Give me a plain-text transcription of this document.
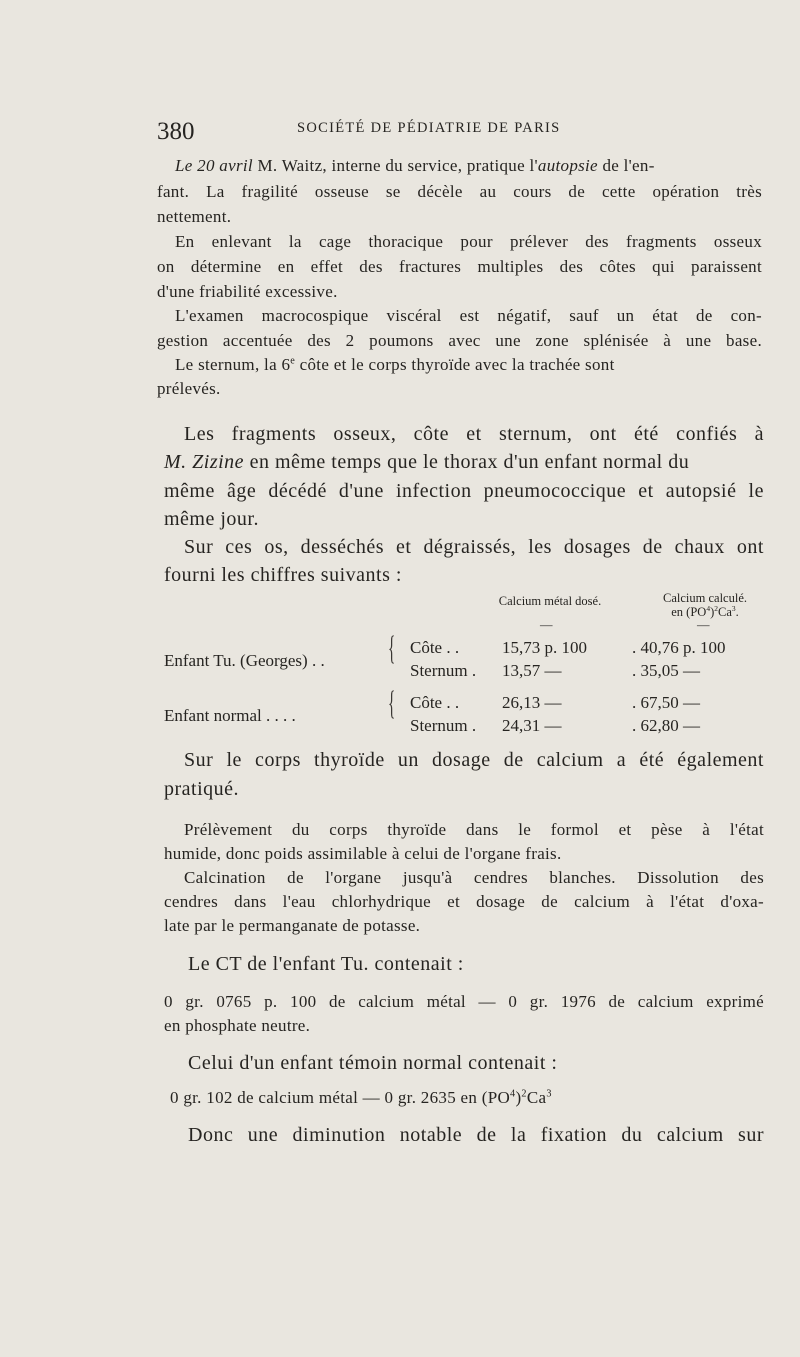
380	SOCIÉTÉ DE PÉDIATRIE DE PARIS
Le 20 avril M. Waitz, interne du service, pratique l'autopsie de l'en-
fant. La fragilité osseuse se décèle au cours de cette opération très
nettement.
En enlevant la cage thoracique pour prélever des fragments osseux
on détermine en effet des fractures multiples des côtes qui paraissent
d'une friabilité excessive.
L'examen macrocospique viscéral est négatif, sauf un état de con-
gestion accentuée des 2 poumons avec une zone splénisée à une base.
Le sternum, la 6e côte et le corps thyroïde avec la trachée sont
prélevés.
Les fragments osseux, côte et sternum, ont été confiés à
M. Zizine en même temps que le thorax d'un enfant normal du
même âge décédé d'une infection pneumococcique et autopsié le
même jour.
Sur ces os, desséchés et dégraissés, les dosages de chaux ont
fourni les chiffres suivants :
Calcium métal dosé.	Calcium calculé.
en $(PO^4)^2Ca^3$.
—	—
Enfant Tu. (Georges) . . { Côte . .	15,73 p. 100	. 40,76 p. 100
Sternum . 13,57 —	. 35,05 —
Enfant normal . . . .	{ Côte . .	26,13 —	. 67,50 —
Sternum . 24,31 —	. 62,80 —
Sur le corps thyroïde un dosage de calcium a été également
pratiqué.
Prélèvement du corps thyroïde dans le formol et pèse à l'état
humide, donc poids assimilable à celui de l'organe frais.
Calcination de l'organe jusqu'à cendres blanches. Dissolution des
cendres dans l'eau chlorhydrique et dosage de calcium à l'état d'oxa-
late par le permanganate de potasse.
Le CT de l'enfant Tu. contenait :
0 gr. 0765 p. 100 de calcium métal — 0 gr. 1976 de calcium exprimé
en phosphate neutre.
Celui d'un enfant témoin normal contenait :
0 gr. 102 de calcium métal — 0 gr. 2635 en $(PO^4)^2Ca^3$
Donc une diminution notable de la fixation du calcium sur
